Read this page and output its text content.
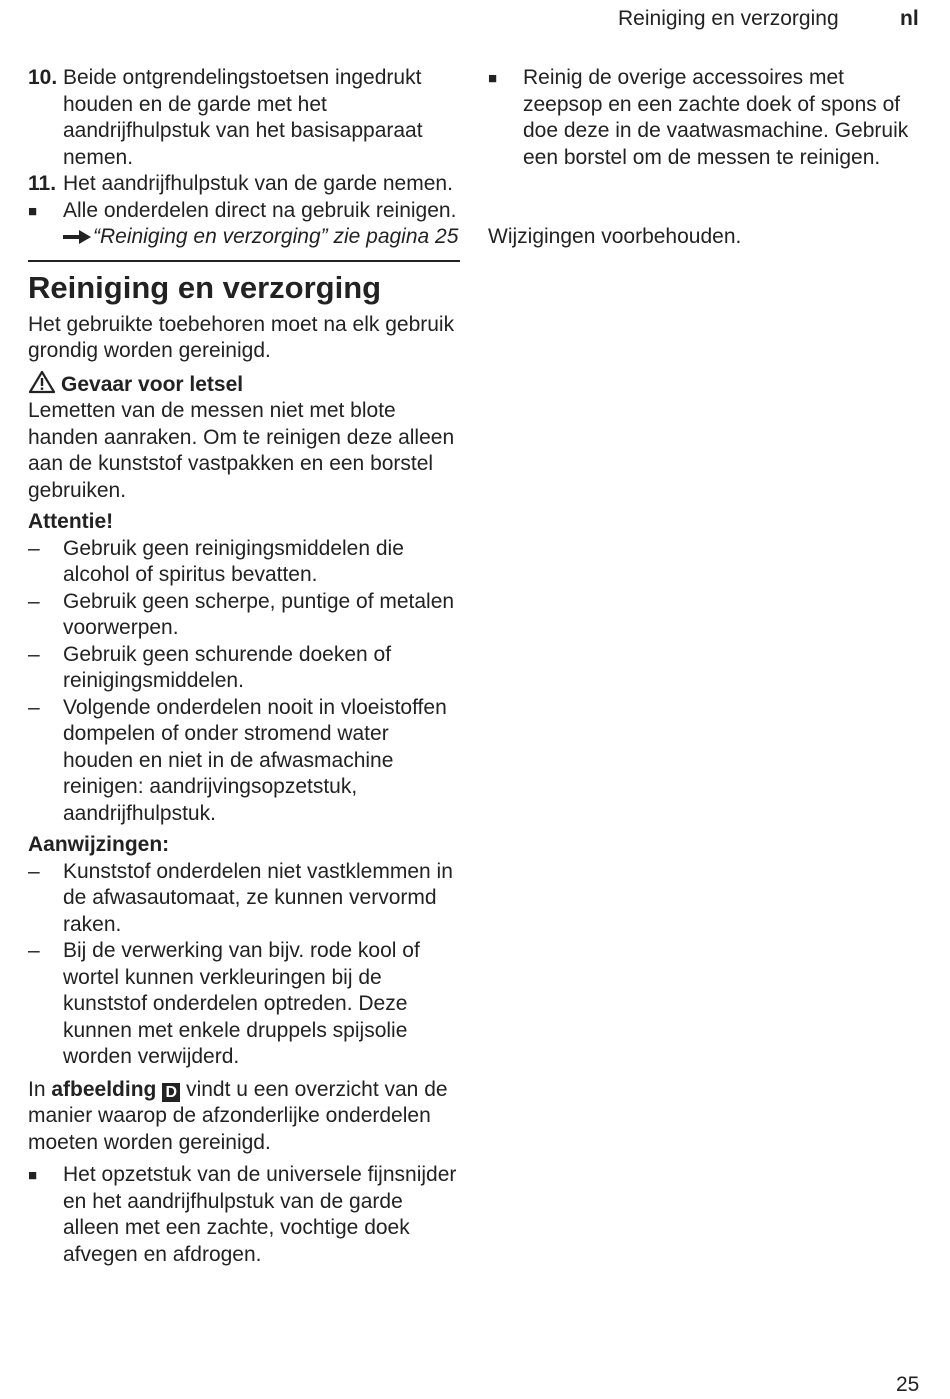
Reiniging en verzorging	nl
10. Beide ontgrendelingstoetsen ingedrukt houden en de garde met het aandrijfhulpstuk van het basisapparaat nemen.
11. Het aandrijfhulpstuk van de garde nemen.
■ Alle onderdelen direct na gebruik reinigen. “Reiniging en verzorging” zie pagina 25
Reiniging en verzorging
Het gebruikte toebehoren moet na elk gebruik grondig worden gereinigd.
Gevaar voor letsel
Lemetten van de messen niet met blote handen aanraken. Om te reinigen deze alleen aan de kunststof vastpakken en een borstel gebruiken.
Attentie!
– Gebruik geen reinigingsmiddelen die alcohol of spiritus bevatten.
– Gebruik geen scherpe, puntige of metalen voorwerpen.
– Gebruik geen schurende doeken of reinigingsmiddelen.
– Volgende onderdelen nooit in vloeistoffen dompelen of onder stromend water houden en niet in de afwasmachine reinigen: aandrijvingsopzetstuk, aandrijfhulpstuk.
Aanwijzingen:
– Kunststof onderdelen niet vastklemmen in de afwasautomaat, ze kunnen vervormd raken.
– Bij de verwerking van bijv. rode kool of wortel kunnen verkleuringen bij de kunststof onderdelen optreden. Deze kunnen met enkele druppels spijsolie worden verwijderd.
In afbeelding D vindt u een overzicht van de manier waarop de afzonderlijke onderdelen moeten worden gereinigd.
■ Het opzetstuk van de universele fijnsnijder en het aandrijfhulpstuk van de garde alleen met een zachte, vochtige doek afvegen en afdrogen.
■ Reinig de overige accessoires met zeepsop en een zachte doek of spons of doe deze in de vaatwasmachine. Gebruik een borstel om de messen te reinigen.
Wijzigingen voorbehouden.
25
